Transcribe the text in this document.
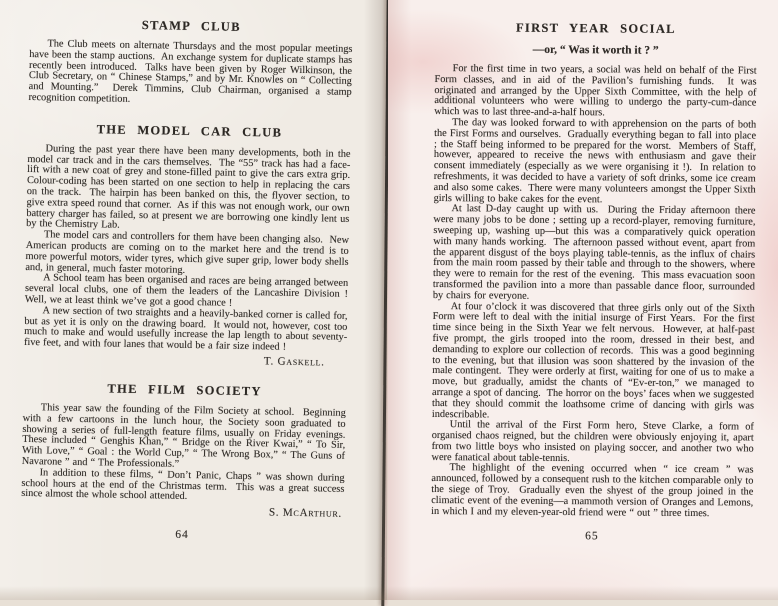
STAMP CLUB

The Club meets on alternate Thursdays and the most popular meetings have been the stamp auctions.  An exchange system for duplicate stamps has recently been introduced.  Talks have been given by Roger Wilkinson, the Club Secretary, on “ Chinese Stamps,” and by Mr. Knowles on “ Collecting and Mounting.”  Derek Timmins, Club Chairman, organised a stamp recognition competition.

THE MODEL CAR CLUB

During the past year there have been many developments, both in the model car track and in the cars themselves.  The “55” track has had a face-lift with a new coat of grey and stone-filled paint to give the cars extra grip.  Colour-coding has been started on one section to help in replacing the cars on the track.  The hairpin has been banked on this, the flyover section, to give extra speed round that corner.  As if this was not enough work, our own battery charger has failed, so at present we are borrowing one kindly lent us by the Chemistry Lab.

The model cars and controllers for them have been changing also.  New American products are coming on to the market here and the trend is to more powerful motors, wider tyres, which give super grip, lower body shells and, in general, much faster motoring.

A School team has been organised and races are being arranged between several local clubs, one of them the leaders of the Lancashire Division !  Well, we at least think we’ve got a good chance !

A new section of two straights and a heavily-banked corner is called for, but as yet it is only on the drawing board.  It would not, however, cost too much to make and would usefully increase the lap length to about seventy-five feet, and with four lanes that would be a fair size indeed !

T. Gaskell.

THE FILM SOCIETY

This year saw the founding of the Film Society at school.  Beginning with a few cartoons in the lunch hour, the Society soon graduated to showing a series of full-length feature films, usually on Friday evenings.  These included “ Genghis Khan,” “ Bridge on the River Kwai,” “ To Sir, With Love,” “ Goal : the World Cup,” “ The Wrong Box,” “ The Guns of Navarone ” and “ The Professionals.”

In addition to these films, “ Don’t Panic, Chaps ” was shown during school hours at the end of the Christmas term.  This was a great success since almost the whole school attended.

S. McArthur.

64
FIRST YEAR SOCIAL
—or, “ Was it worth it ? ”

For the first time in two years, a social was held on behalf of the First Form classes, and in aid of the Pavilion’s furnishing funds.  It was originated and arranged by the Upper Sixth Committee, with the help of additional volunteers who were willing to undergo the party-cum-dance which was to last three-and-a-half hours.

The day was looked forward to with apprehension on the parts of both the First Forms and ourselves.  Gradually everything began to fall into place ; the Staff being informed to be prepared for the worst.  Members of Staff, however, appeared to receive the news with enthusiasm and gave their consent immediately (especially as we were organising it !).  In relation to refreshments, it was decided to have a variety of soft drinks, some ice cream and also some cakes.  There were many volunteers amongst the Upper Sixth girls willing to bake cakes for the event.

At last D-day caught up with us.  During the Friday afternoon there were many jobs to be done ; setting up a record-player, removing furniture, sweeping up, washing up—but this was a comparatively quick operation with many hands working.  The afternoon passed without event, apart from the apparent disgust of the boys playing table-tennis, as the influx of chairs from the main room passed by their table and through to the showers, where they were to remain for the rest of the evening.  This mass evacuation soon transformed the pavilion into a more than passable dance floor, surrounded by chairs for everyone.

At four o’clock it was discovered that three girls only out of the Sixth Form were left to deal with the initial insurge of First Years.  For the first time since being in the Sixth Year we felt nervous.  However, at half-past five prompt, the girls trooped into the room, dressed in their best, and demanding to explore our collection of records.  This was a good beginning to the evening, but that illusion was soon shattered by the invasion of the male contingent.  They were orderly at first, waiting for one of us to make a move, but gradually, amidst the chants of “Ev-er-ton,” we managed to arrange a spot of dancing.  The horror on the boys’ faces when we suggested that they should commit the loathsome crime of dancing with girls was indescribable.

Until the arrival of the First Form hero, Steve Clarke, a form of organised chaos reigned, but the children were obviously enjoying it, apart from two little boys who insisted on playing soccer, and another two who were fanatical about table-tennis.

The highlight of the evening occurred when “ ice cream ” was announced, followed by a consequent rush to the kitchen comparable only to the siege of Troy.  Gradually even the shyest of the group joined in the climatic event of the evening—a mammoth version of Oranges and Lemons, in which I and my eleven-year-old friend were “ out ” three times.

65
